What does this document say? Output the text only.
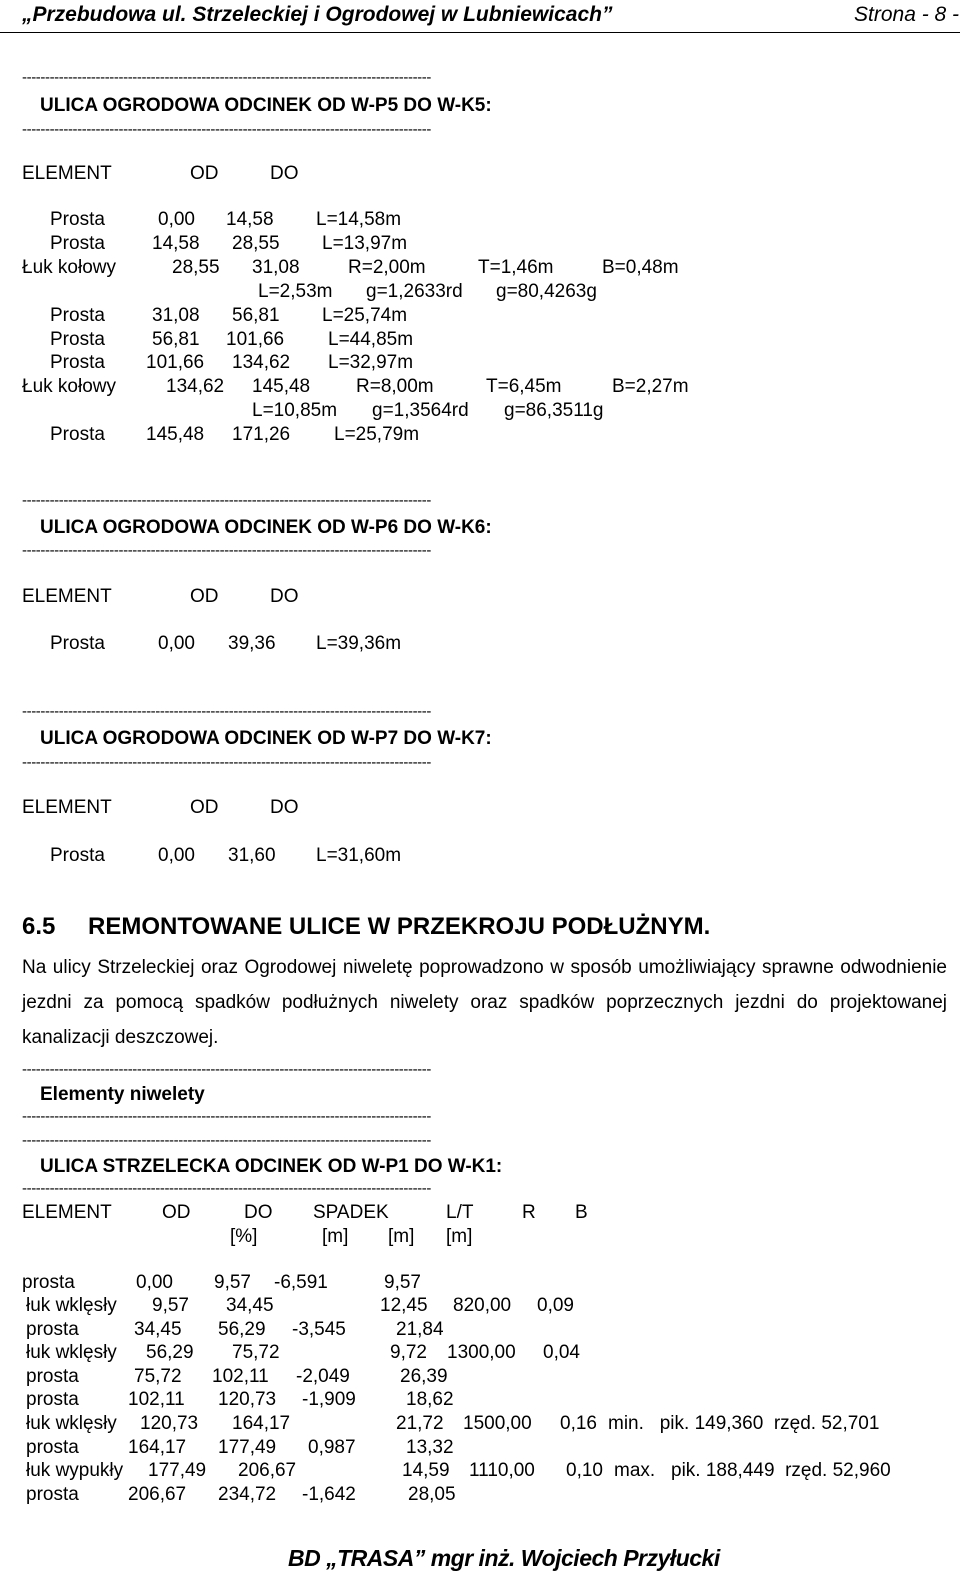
„Przebudowa ul. Strzeleckiej i Ogrodowej w Lubniewicach”	Strona - 8 -
-----------------------------------------------------------------------------------------
ULICA OGRODOWA ODCINEK OD W-P5 DO W-K5:
-----------------------------------------------------------------------------------------
ELEMENT	OD	DO
Prosta	0,00 14,58 L=14,58m
Prosta 14,58 28,55 L=13,97m
Łuk kołowy	28,55 31,08	R=2,00m	T=1,46m	B=0,48m
L=2,53m g=1,2633rd g=80,4263g
Prosta 31,08 56,81 L=25,74m
Prosta 56,81 101,66 L=44,85m
Prosta 101,66 134,62 L=32,97m
Łuk kołowy	134,62 145,48 R=8,00m	T=6,45m	B=2,27m
L=10,85m g=1,3564rd g=86,3511g
Prosta 145,48 171,26 L=25,79m
-----------------------------------------------------------------------------------------
ULICA OGRODOWA ODCINEK OD W-P6 DO W-K6:
-----------------------------------------------------------------------------------------
ELEMENT	OD	DO
Prosta	0,00 39,36 L=39,36m
-----------------------------------------------------------------------------------------
ULICA OGRODOWA ODCINEK OD W-P7 DO W-K7:
-----------------------------------------------------------------------------------------
ELEMENT	OD	DO
Prosta	0,00 31,60 L=31,60m
6.5 REMONTOWANE ULICE W PRZEKROJU PODŁUŻNYM.
Na ulicy Strzeleckiej oraz Ogrodowej niweletę poprowadzono w sposób umożliwiający sprawne odwodnienie jezdni za pomocą spadków podłużnych niwelety oraz spadków poprzecznych jezdni do projektowanej kanalizacji deszczowej.
-----------------------------------------------------------------------------------------
Elementy niwelety
-----------------------------------------------------------------------------------------
-----------------------------------------------------------------------------------------
ULICA STRZELECKA ODCINEK OD W-P1 DO W-K1:
-----------------------------------------------------------------------------------------
ELEMENT	OD	DO SPADEK	L/T	R B
[%]	[m] [m] [m]
prosta	0,00 9,57 -6,591	9,57
łuk wklęsły 9,57 34,45	12,45 820,00 0,09
prosta	34,45 56,29 -3,545	21,84
łuk wklęsły 56,29 75,72	9,72 1300,00 0,04
prosta	75,72 102,11 -2,049	26,39
prosta	102,11 120,73 -1,909	18,62
łuk wklęsły 120,73 164,17	21,72 1500,00 0,16 min.   pik. 149,360  rzęd. 52,701
prosta	164,17 177,49 0,987	13,32
łuk wypukły 177,49 206,67	14,59 1110,00 0,10 max.   pik. 188,449  rzęd. 52,960
prosta	206,67 234,72 -1,642	28,05
BD „TRASA” mgr inż. Wojciech Przyłucki
